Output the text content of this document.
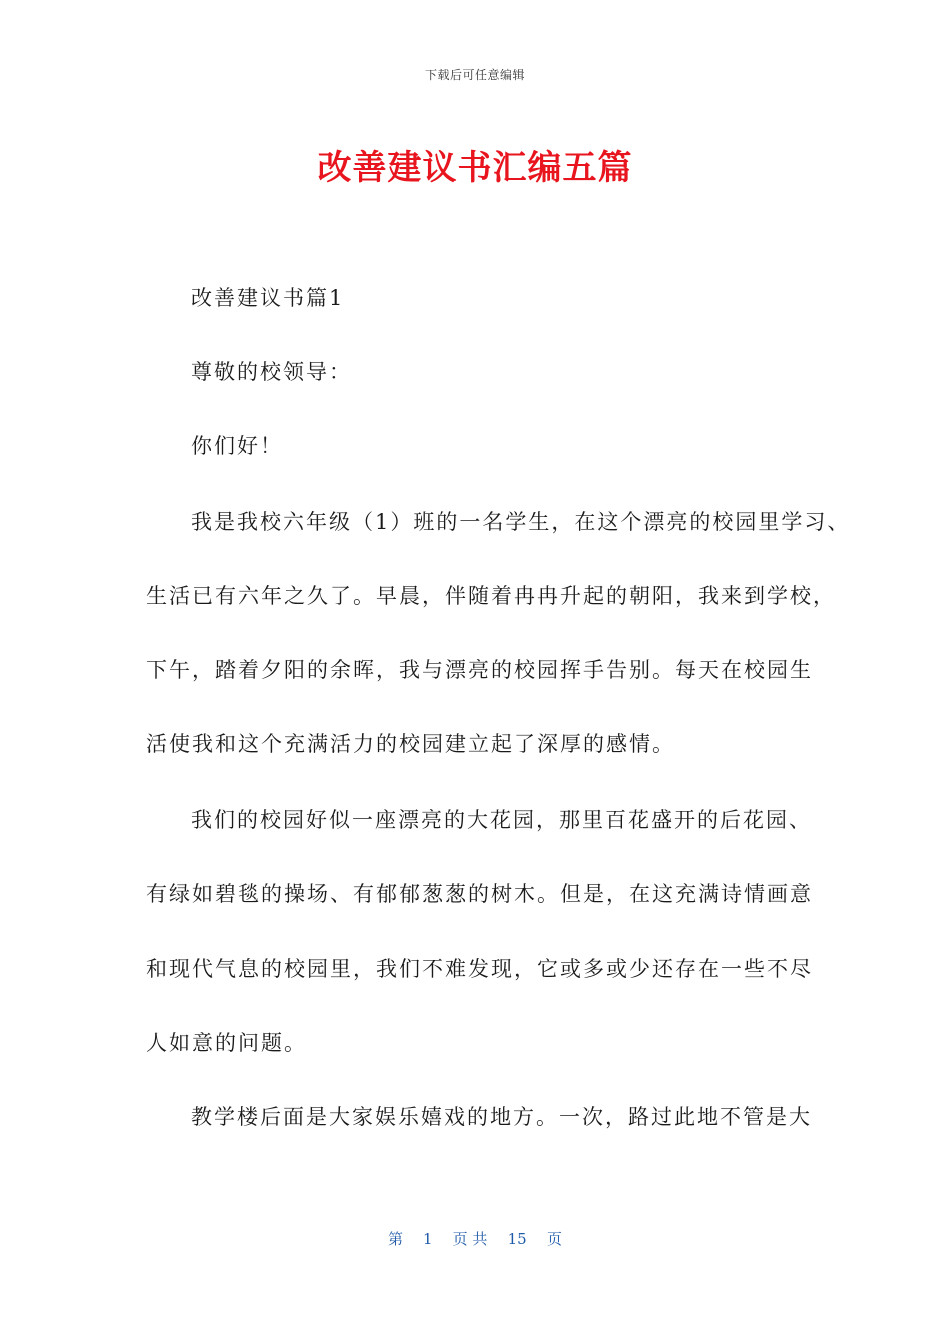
下载后可任意编辑
改善建议书汇编五篇
改善建议书篇1
尊敬的校领导：
你们好！
我是我校六年级（1）班的一名学生，在这个漂亮的校园里学习、
生活已有六年之久了。早晨，伴随着冉冉升起的朝阳，我来到学校，
下午，踏着夕阳的余晖，我与漂亮的校园挥手告别。每天在校园生
活使我和这个充满活力的校园建立起了深厚的感情。
我们的校园好似一座漂亮的大花园，那里百花盛开的后花园、
有绿如碧毯的操场、有郁郁葱葱的树木。但是，在这充满诗情画意
和现代气息的校园里，我们不难发现，它或多或少还存在一些不尽
人如意的问题。
教学楼后面是大家娱乐嬉戏的地方。一次，路过此地不管是大
第 1 页 共 15 页
